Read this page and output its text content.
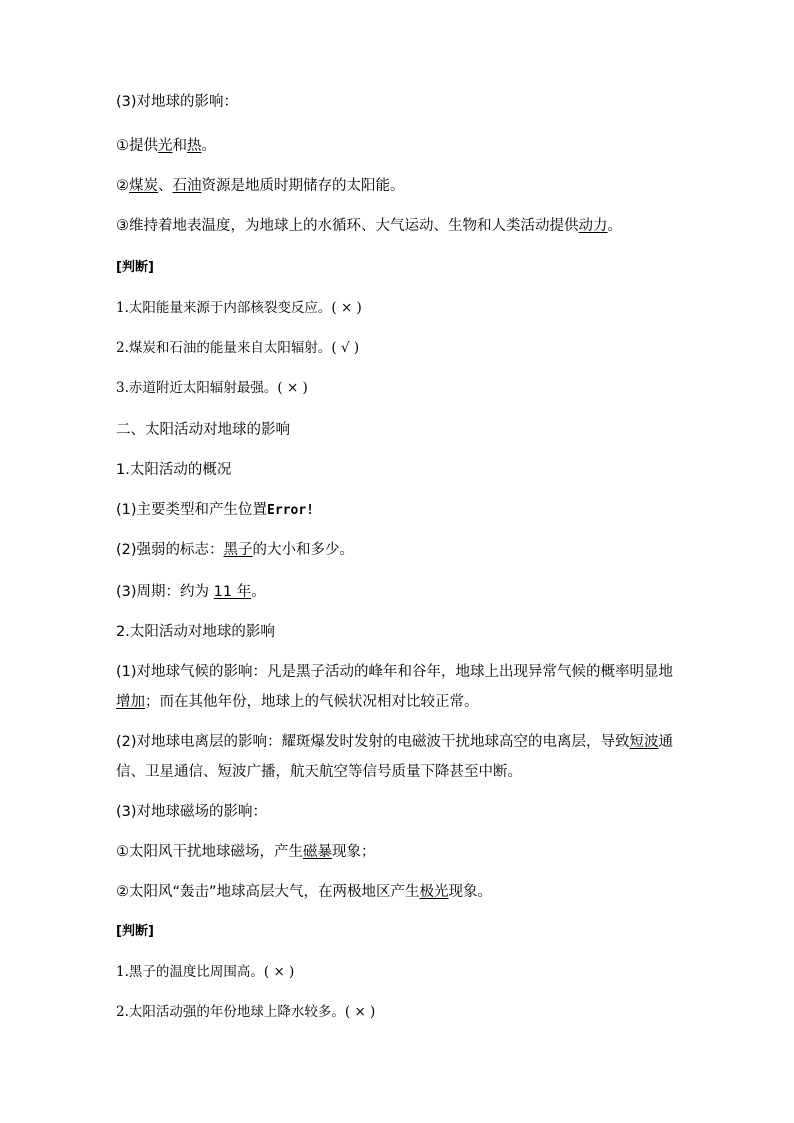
(3)对地球的影响：

①提供光和热。

②煤炭、石油资源是地质时期储存的太阳能。

③维持着地表温度，为地球上的水循环、大气运动、生物和人类活动提供动力。

[判断]

1.太阳能量来源于内部核裂变反应。( × )

2.煤炭和石油的能量来自太阳辐射。( √ )

3.赤道附近太阳辐射最强。( × )

二、太阳活动对地球的影响

1.太阳活动的概况

(1)主要类型和产生位置Error!

(2)强弱的标志：黑子的大小和多少。

(3)周期：约为 11 年。

2.太阳活动对地球的影响

(1)对地球气候的影响：凡是黑子活动的峰年和谷年，地球上出现异常气候的概率明显地增加；而在其他年份，地球上的气候状况相对比较正常。

(2)对地球电离层的影响：耀斑爆发时发射的电磁波干扰地球高空的电离层，导致短波通信、卫星通信、短波广播，航天航空等信号质量下降甚至中断。

(3)对地球磁场的影响：

①太阳风干扰地球磁场，产生磁暴现象；

②太阳风“轰击”地球高层大气，在两极地区产生极光现象。

[判断]

1.黑子的温度比周围高。( × )

2.太阳活动强的年份地球上降水较多。( × )
